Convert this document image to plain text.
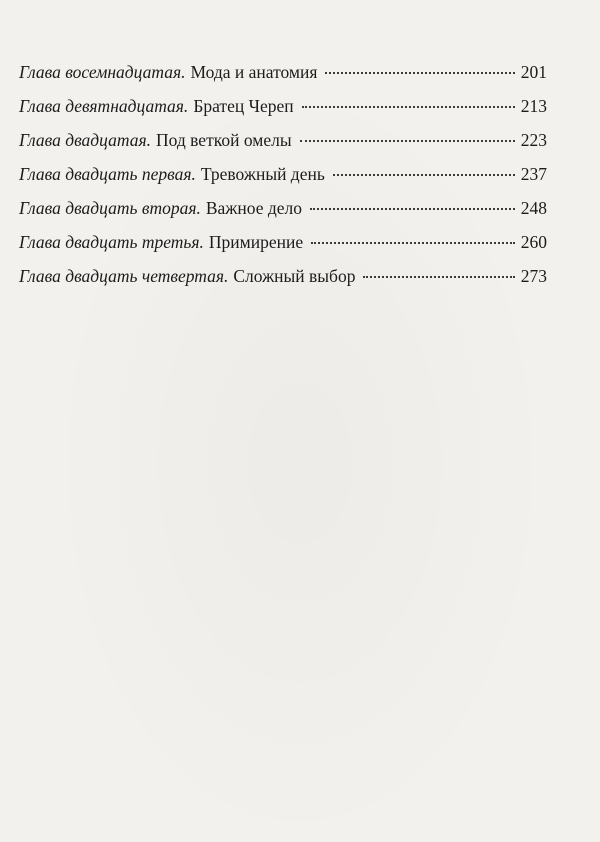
Глава восемнадцатая. Мода и анатомия	201
Глава девятнадцатая. Братец Череп	213
Глава двадцатая. Под веткой омелы	223
Глава двадцать первая. Тревожный день	237
Глава двадцать вторая. Важное дело	248
Глава двадцать третья. Примирение	260
Глава двадцать четвертая. Сложный выбор	273
